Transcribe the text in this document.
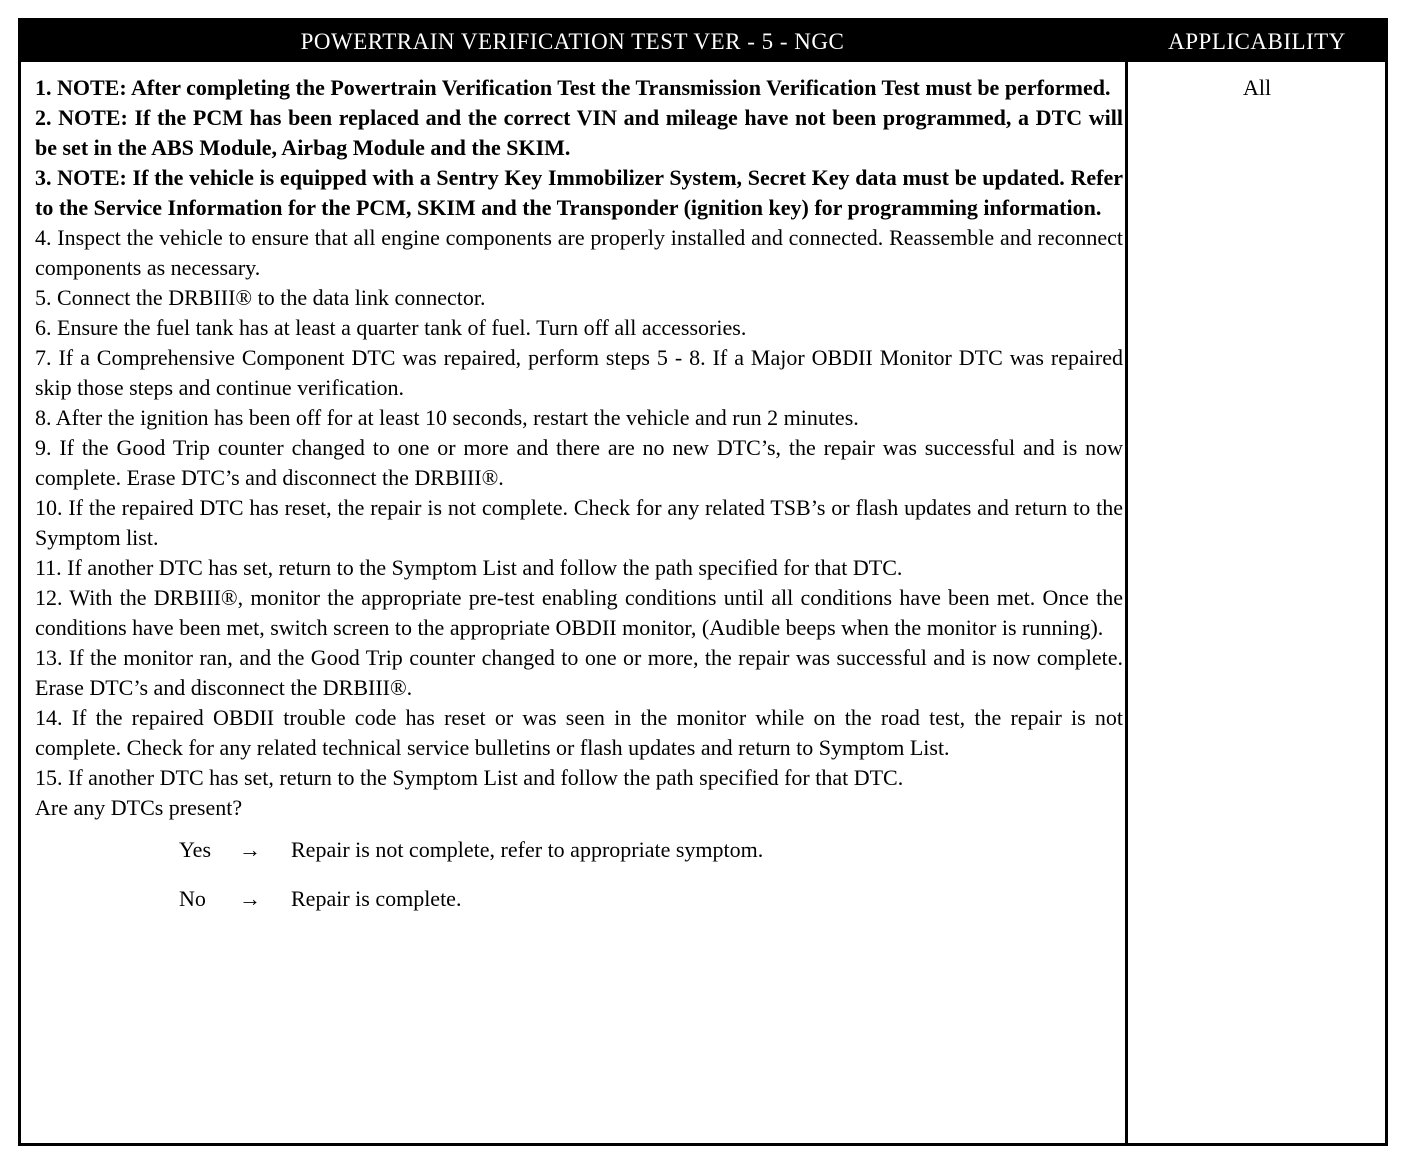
POWERTRAIN VERIFICATION TEST VER - 5 - NGC	APPLICABILITY

1. NOTE: After completing the Powertrain Verification Test the Transmission Verification Test must be performed.

2. NOTE: If the PCM has been replaced and the correct VIN and mileage have not been programmed, a DTC will be set in the ABS Module, Airbag Module and the SKIM.

3. NOTE: If the vehicle is equipped with a Sentry Key Immobilizer System, Secret Key data must be updated. Refer to the Service Information for the PCM, SKIM and the Transponder (ignition key) for programming information.

4. Inspect the vehicle to ensure that all engine components are properly installed and connected. Reassemble and reconnect components as necessary.

5. Connect the DRBIII® to the data link connector.

6. Ensure the fuel tank has at least a quarter tank of fuel. Turn off all accessories.

7. If a Comprehensive Component DTC was repaired, perform steps 5 - 8. If a Major OBDII Monitor DTC was repaired skip those steps and continue verification.

8. After the ignition has been off for at least 10 seconds, restart the vehicle and run 2 minutes.

9. If the Good Trip counter changed to one or more and there are no new DTC’s, the repair was successful and is now complete. Erase DTC’s and disconnect the DRBIII®.

10. If the repaired DTC has reset, the repair is not complete. Check for any related TSB’s or flash updates and return to the Symptom list.

11. If another DTC has set, return to the Symptom List and follow the path specified for that DTC.

12. With the DRBIII®, monitor the appropriate pre-test enabling conditions until all conditions have been met. Once the conditions have been met, switch screen to the appropriate OBDII monitor, (Audible beeps when the monitor is running).

13. If the monitor ran, and the Good Trip counter changed to one or more, the repair was successful and is now complete. Erase DTC’s and disconnect the DRBIII®.

14. If the repaired OBDII trouble code has reset or was seen in the monitor while on the road test, the repair is not complete. Check for any related technical service bulletins or flash updates and return to Symptom List.

15. If another DTC has set, return to the Symptom List and follow the path specified for that DTC.

Are any DTCs present?

Yes → Repair is not complete, refer to appropriate symptom.
No → Repair is complete.
All
